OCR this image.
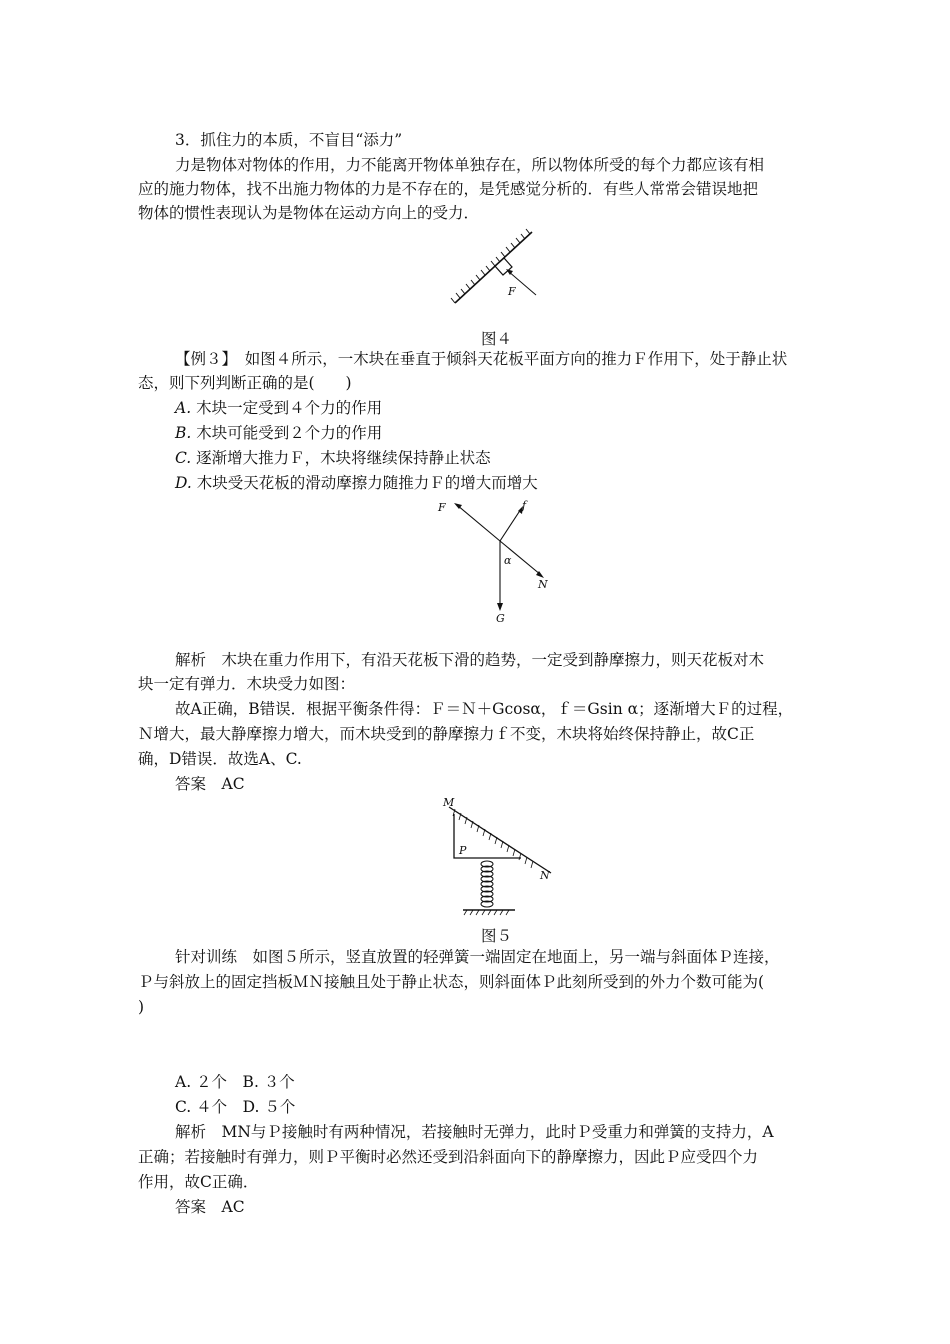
3．抓住力的本质，不盲目“添力”
力是物体对物体的作用，力不能离开物体单独存在，所以物体所受的每个力都应该有相
应的施力物体，找不出施力物体的力是不存在的，是凭感觉分析的．有些人常常会错误地把
物体的惯性表现认为是物体在运动方向上的受力．
F
图４
【例３】　如图４所示，一木块在垂直于倾斜天花板平面方向的推力Ｆ作用下，处于静止状
态，则下列判断正确的是(　　)
A. 木块一定受到４个力的作用
B. 木块可能受到２个力的作用
C. 逐渐增大推力Ｆ，木块将继续保持静止状态
D. 木块受天花板的滑动摩擦力随推力Ｆ的增大而增大
F	f
α
N
G
解析　木块在重力作用下，有沿天花板下滑的趋势，一定受到静摩擦力，则天花板对木
块一定有弹力．木块受力如图：
故A正确，B错误．根据平衡条件得：Ｆ＝Ｎ＋Gcosα，ｆ＝Gsin α；逐渐增大Ｆ的过程，
Ｎ增大，最大静摩擦力增大，而木块受到的静摩擦力ｆ不变，木块将始终保持静止，故C正
确，D错误．故选A、C.
答案　AC
M
N
P
图５
针对训练　如图５所示，竖直放置的轻弹簧一端固定在地面上，另一端与斜面体Ｐ连接，
Ｐ与斜放上的固定挡板ＭＮ接触且处于静止状态，则斜面体Ｐ此刻所受到的外力个数可能为(
)
A. ２个　B. ３个
C. ４个　D. ５个
解析　MN与Ｐ接触时有两种情况，若接触时无弹力，此时Ｐ受重力和弹簧的支持力，A
正确；若接触时有弹力，则Ｐ平衡时必然还受到沿斜面向下的静摩擦力，因此Ｐ应受四个力
作用，故C正确．
答案　AC
